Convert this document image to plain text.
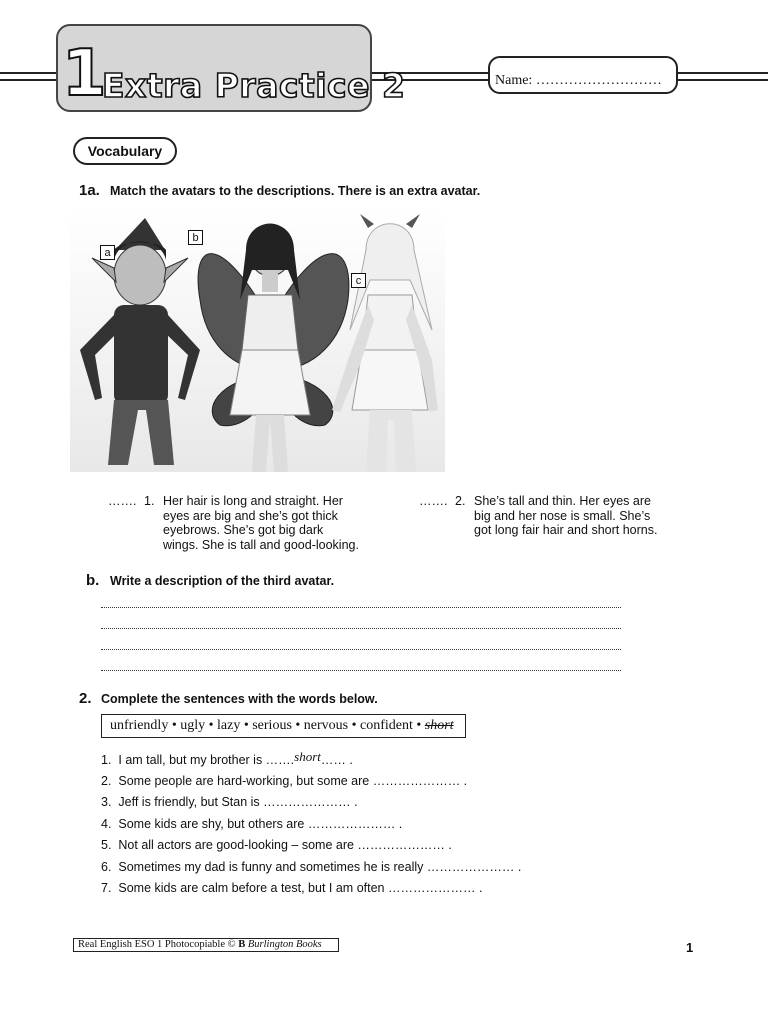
1
Extra Practice 2	Name: ………………………
Vocabulary
1a. Match the avatars to the descriptions. There is an extra avatar.
a
b
c
……. 1. Her hair is long and straight. Her
eyes are big and she’s got thick
eyebrows. She’s got big dark
wings. She is tall and good-looking.
……. 2. She’s tall and thin. Her eyes are
big and her nose is small. She’s
got long fair hair and short horns.
b. Write a description of the third avatar.
2. Complete the sentences with the words below.
unfriendly • ugly • lazy • serious • nervous • confident •
short
1. I am tall, but my brother is …….short…… .
2. Some people are hard-working, but some are ………………… .
3. Jeff is friendly, but Stan is ………………… .
4. Some kids are shy, but others are ………………… .
5. Not all actors are good-looking – some are ………………… .
6. Sometimes my dad is funny and sometimes he is really ………………… .
7. Some kids are calm before a test, but I am often ………………… .
Real English ESO 1 Photocopiable © B Burlington Books	1
